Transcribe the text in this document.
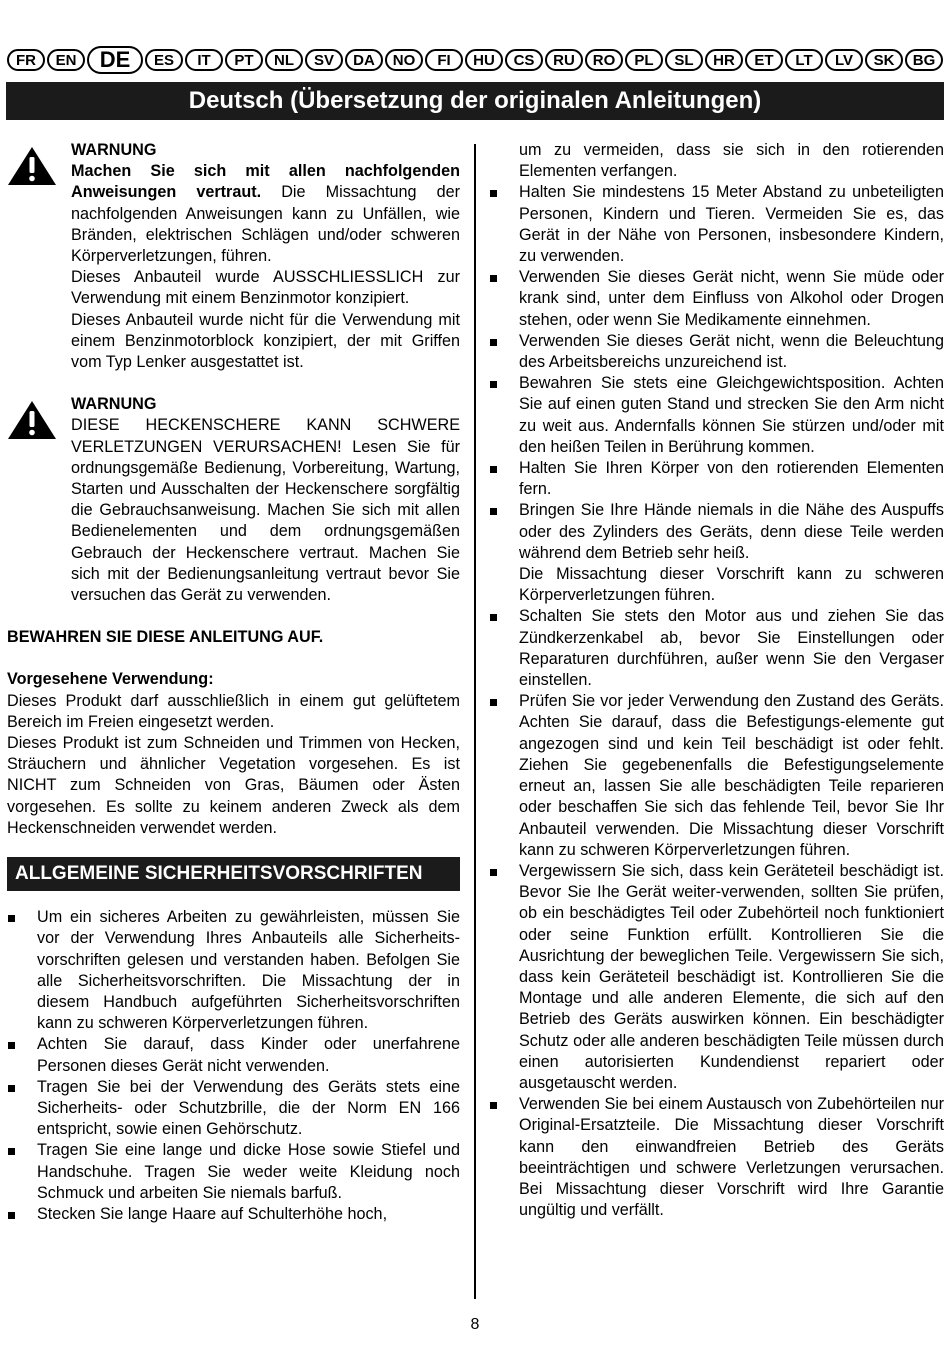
FR	EN	DE	ES	IT	PT	NL	SV	DA	NO	FI	HU	CS	RU	RO	PL	SL	HR	ET	LT	LV	SK	BG
Deutsch (Übersetzung der originalen Anleitungen)
WARNUNG

Machen Sie sich mit allen nachfolgenden Anweisungen vertraut. Die Missachtung der nachfolgenden Anweisungen kann zu Unfällen, wie Bränden, elektrischen Schlägen und/oder schweren Körperverletzungen, führen.

Dieses Anbauteil wurde AUSSCHLIESSLICH zur Verwendung mit einem Benzinmotor konzipiert.

Dieses Anbauteil wurde nicht für die Verwendung mit einem Benzinmotorblock konzipiert, der mit Griffen vom Typ Lenker ausgestattet ist.

WARNUNG

DIESE HECKENSCHERE KANN SCHWERE VERLETZUNGEN VERURSACHEN! Lesen Sie für ordnungsgemäße Bedienung, Vorbereitung, Wartung, Starten und Ausschalten der Heckenschere sorgfältig die Gebrauchsanweisung. Machen Sie sich mit allen Bedienelementen und dem ordnungsgemäßen Gebrauch der Heckenschere vertraut. Machen Sie sich mit der Bedienungsanleitung vertraut bevor Sie versuchen das Gerät zu verwenden.

BEWAHREN SIE DIESE ANLEITUNG AUF.

Vorgesehene Verwendung:

Dieses Produkt darf ausschließlich in einem gut gelüftetem Bereich im Freien eingesetzt werden.

Dieses Produkt ist zum Schneiden und Trimmen von Hecken, Sträuchern und ähnlicher Vegetation vorgesehen. Es ist NICHT zum Schneiden von Gras, Bäumen oder Ästen vorgesehen. Es sollte zu keinem anderen Zweck als dem Heckenschneiden verwendet werden.

ALLGEMEINE SICHERHEITSVORSCHRIFTEN
Um ein sicheres Arbeiten zu gewährleisten, müssen Sie vor der Verwendung Ihres Anbauteils alle Sicherheits-vorschriften gelesen und verstanden haben. Befolgen Sie alle Sicherheitsvorschriften. Die Missachtung der in diesem Handbuch aufgeführten Sicherheitsvorschriften kann zu schweren Körperverletzungen führen.
Achten Sie darauf, dass Kinder oder unerfahrene Personen dieses Gerät nicht verwenden.
Tragen Sie bei der Verwendung des Geräts stets eine Sicherheits- oder Schutzbrille, die der Norm EN 166 entspricht, sowie einen Gehörschutz.
Tragen Sie eine lange und dicke Hose sowie Stiefel und Handschuhe. Tragen Sie weder weite Kleidung noch Schmuck und arbeiten Sie niemals barfuß.
Stecken Sie lange Haare auf Schulterhöhe hoch,
um zu vermeiden, dass sie sich in den rotierenden Elementen verfangen.
Halten Sie mindestens 15 Meter Abstand zu unbeteiligten Personen, Kindern und Tieren. Vermeiden Sie es, das Gerät in der Nähe von Personen, insbesondere Kindern, zu verwenden.
Verwenden Sie dieses Gerät nicht, wenn Sie müde oder krank sind, unter dem Einfluss von Alkohol oder Drogen stehen, oder wenn Sie Medikamente einnehmen.
Verwenden Sie dieses Gerät nicht, wenn die Beleuchtung des Arbeitsbereichs unzureichend ist.
Bewahren Sie stets eine Gleichgewichtsposition. Achten Sie auf einen guten Stand und strecken Sie den Arm nicht zu weit aus. Andernfalls können Sie stürzen und/oder mit den heißen Teilen in Berührung kommen.
Halten Sie Ihren Körper von den rotierenden Elementen fern.
Bringen Sie Ihre Hände niemals in die Nähe des Auspuffs oder des Zylinders des Geräts, denn diese Teile werden während dem Betrieb sehr heiß.
Die Missachtung dieser Vorschrift kann zu schweren Körperverletzungen führen.
Schalten Sie stets den Motor aus und ziehen Sie das Zündkerzenkabel ab, bevor Sie Einstellungen oder Reparaturen durchführen, außer wenn Sie den Vergaser einstellen.
Prüfen Sie vor jeder Verwendung den Zustand des Geräts. Achten Sie darauf, dass die Befestigungs-elemente gut angezogen sind und kein Teil beschädigt ist oder fehlt. Ziehen Sie gegebenenfalls die Befestigungselemente erneut an, lassen Sie alle beschädigten Teile reparieren oder beschaffen Sie sich das fehlende Teil, bevor Sie Ihr Anbauteil verwenden. Die Missachtung dieser Vorschrift kann zu schweren Körperverletzungen führen.
Vergewissern Sie sich, dass kein Geräteteil beschädigt ist. Bevor Sie Ihe Gerät weiter-verwenden, sollten Sie prüfen, ob ein beschädigtes Teil oder Zubehörteil noch funktioniert oder seine Funktion erfüllt. Kontrollieren Sie die Ausrichtung der beweglichen Teile. Vergewissern Sie sich, dass kein Geräteteil beschädigt ist. Kontrollieren Sie die Montage und alle anderen Elemente, die sich auf den Betrieb des Geräts auswirken können. Ein beschädigter Schutz oder alle anderen beschädigten Teile müssen durch einen autorisierten Kundendienst repariert oder ausgetauscht werden.
Verwenden Sie bei einem Austausch von Zubehörteilen nur Original-Ersatzteile. Die Missachtung dieser Vorschrift kann den einwandfreien Betrieb des Geräts beeinträchtigen und schwere Verletzungen verursachen. Bei Missachtung dieser Vorschrift wird Ihre Garantie ungültig und verfällt.
8
